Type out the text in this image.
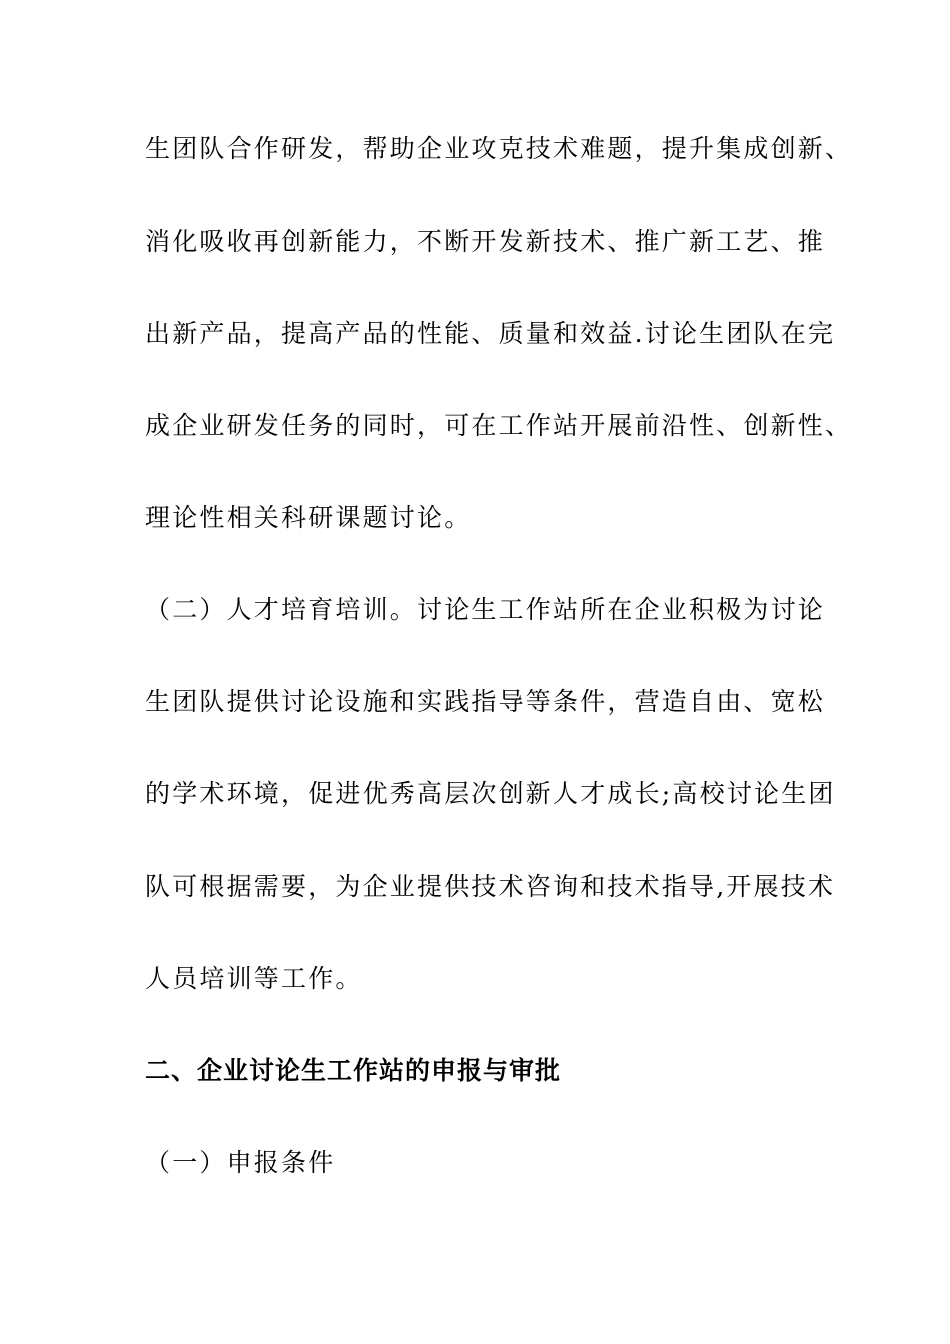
生团队合作研发，帮助企业攻克技术难题，提升集成创新、

消化吸收再创新能力，不断开发新技术、推广新工艺、推

出新产品，提高产品的性能、质量和效益.讨论生团队在完

成企业研发任务的同时，可在工作站开展前沿性、创新性、

理论性相关科研课题讨论。

（二）人才培育培训。讨论生工作站所在企业积极为讨论

生团队提供讨论设施和实践指导等条件，营造自由、宽松

的学术环境，促进优秀高层次创新人才成长;高校讨论生团

队可根据需要，为企业提供技术咨询和技术指导,开展技术

人员培训等工作。

二、企业讨论生工作站的申报与审批

（一）申报条件
